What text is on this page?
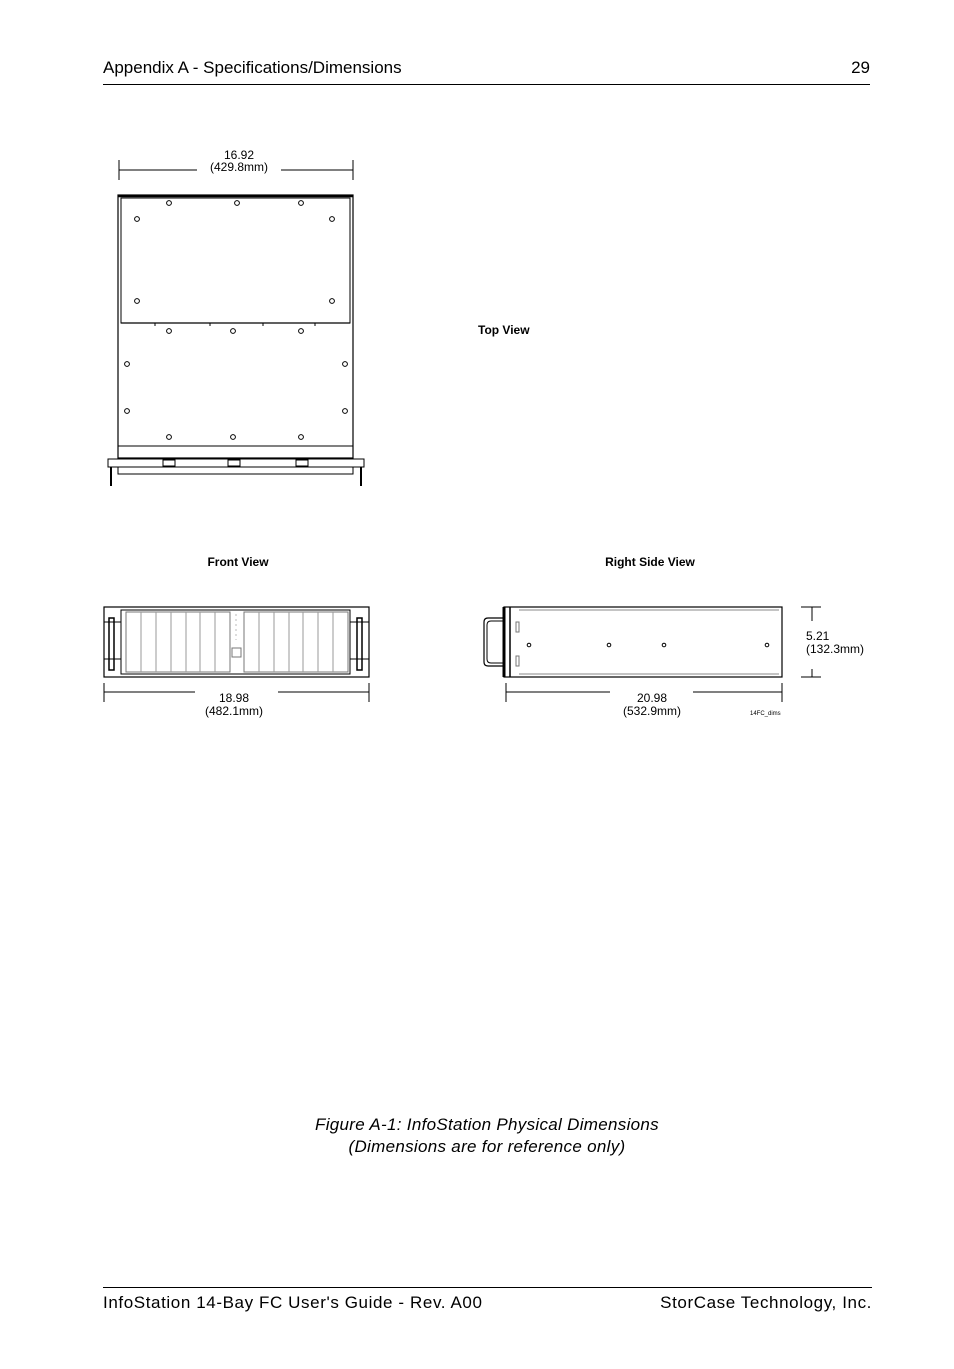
Appendix A - Specifications/Dimensions	29
16.92
(429.8mm)
Top View
Front View	Right Side View
18.98
(482.1mm)
20.98
(532.9mm)
5.21
(132.3mm)
14FC_dims
Figure A-1: InfoStation Physical Dimensions
(Dimensions are for reference only)
InfoStation 14-Bay FC User's Guide - Rev. A00	StorCase Technology, Inc.
